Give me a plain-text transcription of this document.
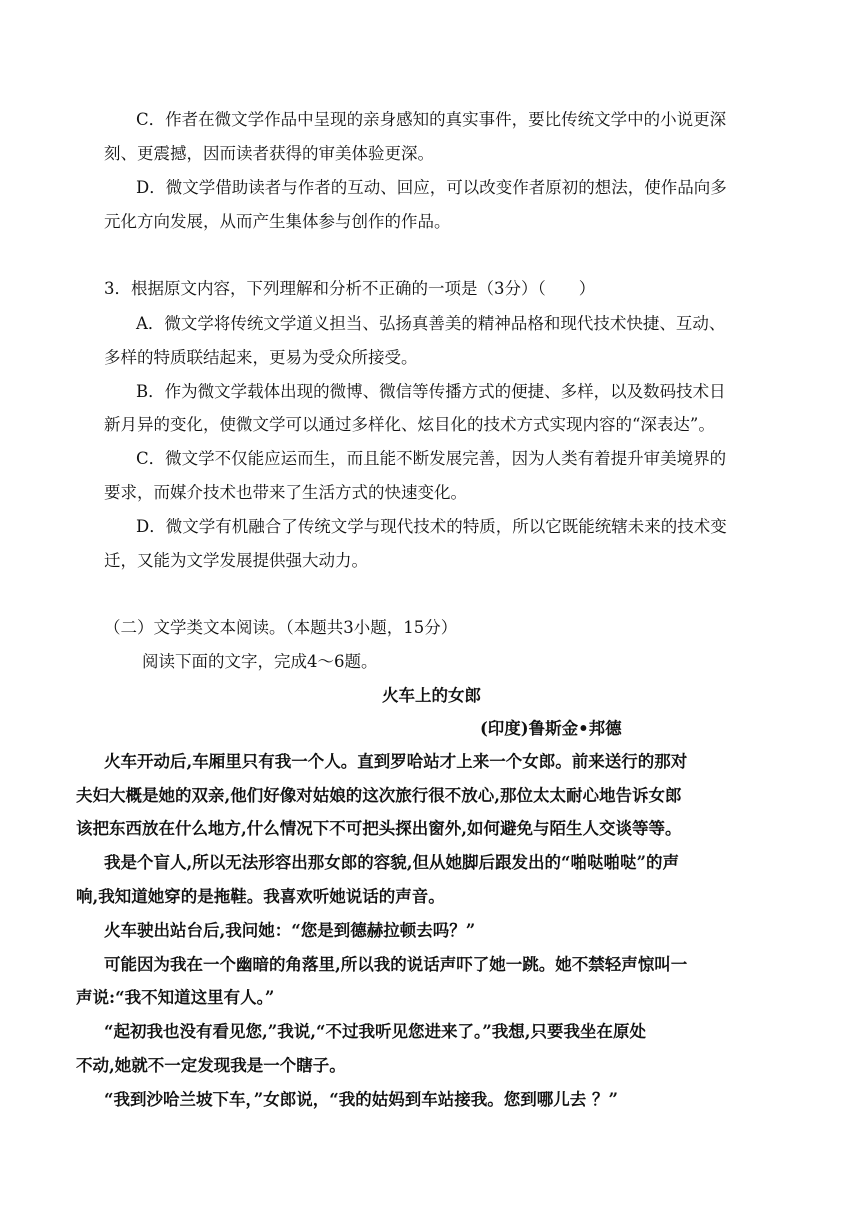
C．作者在微文学作品中呈现的亲身感知的真实事件，要比传统文学中的小说更深
刻、更震撼，因而读者获得的审美体验更深。
D．微文学借助读者与作者的互动、回应，可以改变作者原初的想法，使作品向多
元化方向发展，从而产生集体参与创作的作品。
3．根据原文内容，下列理解和分析不正确的一项是（3分）（　　）
A．微文学将传统文学道义担当、弘扬真善美的精神品格和现代技术快捷、互动、
多样的特质联结起来，更易为受众所接受。
B．作为微文学载体出现的微博、微信等传播方式的便捷、多样，以及数码技术日
新月异的变化，使微文学可以通过多样化、炫目化的技术方式实现内容的“深表达”。
C．微文学不仅能应运而生，而且能不断发展完善，因为人类有着提升审美境界的
要求，而媒介技术也带来了生活方式的快速变化。
D．微文学有机融合了传统文学与现代技术的特质，所以它既能统辖未来的技术变
迁，又能为文学发展提供强大动力。
（二）文学类文本阅读。（本题共3小题，15分）
阅读下面的文字，完成4～6题。
火车上的女郎
(印度)鲁斯金•邦德
火车开动后,车厢里只有我一个人。直到罗哈站才上来一个女郎。前来送行的那对
夫妇大概是她的双亲,他们好像对姑娘的这次旅行很不放心,那位太太耐心地告诉女郎
该把东西放在什么地方,什么情况下不可把头探出窗外,如何避免与陌生人交谈等等。
我是个盲人,所以无法形容出那女郎的容貌,但从她脚后跟发出的“啪哒啪哒”的声
响,我知道她穿的是拖鞋。我喜欢听她说话的声音。
火车驶出站台后,我问她：“您是到德赫拉顿去吗？”
可能因为我在一个幽暗的角落里,所以我的说话声吓了她一跳。她不禁轻声惊叫一
声说:“我不知道这里有人。”
“起初我也没有看见您,”我说,“不过我听见您进来了。”我想,只要我坐在原处
不动,她就不一定发现我是一个瞎子。
“我到沙哈兰坡下车，”女郎说，“我的姑妈到车站接我。您到哪儿去 ？”
